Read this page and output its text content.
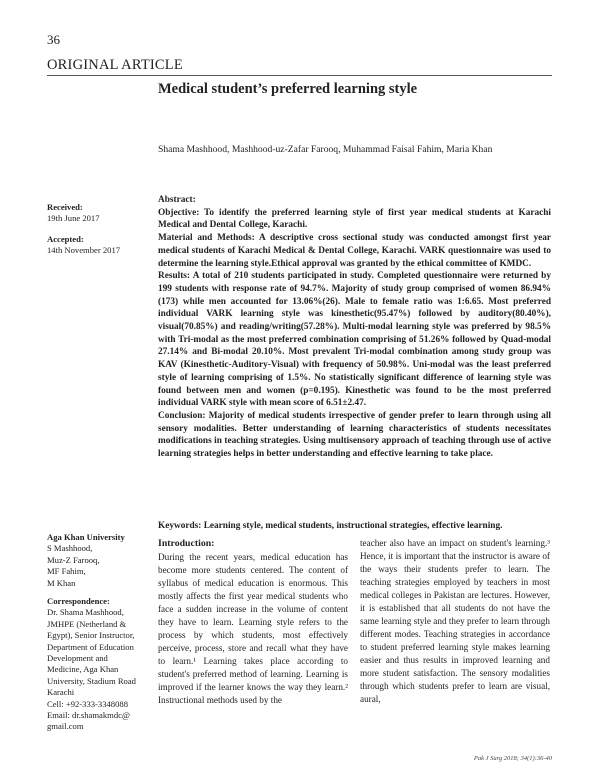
36
ORIGINAL ARTICLE
Medical student’s preferred learning style
Shama Mashhood, Mashhood-uz-Zafar Farooq, Muhammad Faisal Fahim, Maria Khan
Received:
19th June 2017
Accepted:
14th November 2017
Aga Khan University
S Mashhood,
Muz-Z Farooq,
MF Fahim,
M Khan
Correspondence:
Dr. Shama Mashhood,
JMHPE (Netherland &
Egypt), Senior Instructor,
Department of Education
Development and
Medicine, Aga Khan
University, Stadium Road
Karachi
Cell: +92-333-3348088
Email: dr.shamakmdc@
gmail.com

Abstract:

Objective: To identify the preferred learning style of first year medical students at Karachi Medical and Dental College, Karachi.

Material and Methods: A descriptive cross sectional study was conducted amongst first year medical students of Karachi Medical & Dental College, Karachi. VARK questionnaire was used to determine the learning style.Ethical approval was granted by the ethical committee of KMDC.

Results: A total of 210 students participated in study. Completed questionnaire were returned by 199 students with response rate of 94.7%. Majority of study group comprised of women 86.94%(173) while men accounted for 13.06%(26). Male to female ratio was 1:6.65. Most preferred individual VARK learning style was kinesthetic(95.47%) followed by auditory(80.40%), visual(70.85%) and reading/writing(57.28%). Multi-modal learning style was preferred by 98.5% with Tri-modal as the most preferred combination comprising of 51.26% followed by Quad-modal 27.14% and Bi-modal 20.10%. Most prevalent Tri-modal combination among study group was KAV (Kinesthetic-Auditory-Visual) with frequency of 50.98%. Uni-modal was the least preferred style of learning comprising of 1.5%. No statistically significant difference of learning style was found between men and women (p=0.195). Kinesthetic was found to be the most preferred individual VARK style with mean score of 6.51±2.47.

Conclusion: Majority of medical students irrespective of gender prefer to learn through using all sensory modalities. Better understanding of learning characteristics of students necessitates modifications in teaching strategies. Using multisensory approach of teaching through use of active learning strategies helps in better understanding and effective learning to take place.

Keywords: Learning style, medical students, instructional strategies, effective learning.
Introduction:

During the recent years, medical education has become more students centered. The content of syllabus of medical education is enormous. This mostly affects the first year medical students who face a sudden increase in the volume of content they have to learn. Learning style refers to the process by which students, most effectively perceive, process, store and recall what they have to learn.¹ Learning takes place according to student's preferred method of learning. Learning is improved if the learner knows the way they learn.² Instructional methods used by the

teacher also have an impact on student's learning.³ Hence, it is important that the instructor is aware of the ways their students prefer to learn. The teaching strategies employed by teachers in most medical colleges in Pakistan are lectures. However, it is established that all students do not have the same learning style and they prefer to learn through different modes. Teaching strategies in accordance to student preferred learning style makes learning easier and thus results in improved learning and more student satisfaction. The sensory modalities through which students prefer to learn are visual, aural,

Pak J Surg 2018; 34(1):36-40
